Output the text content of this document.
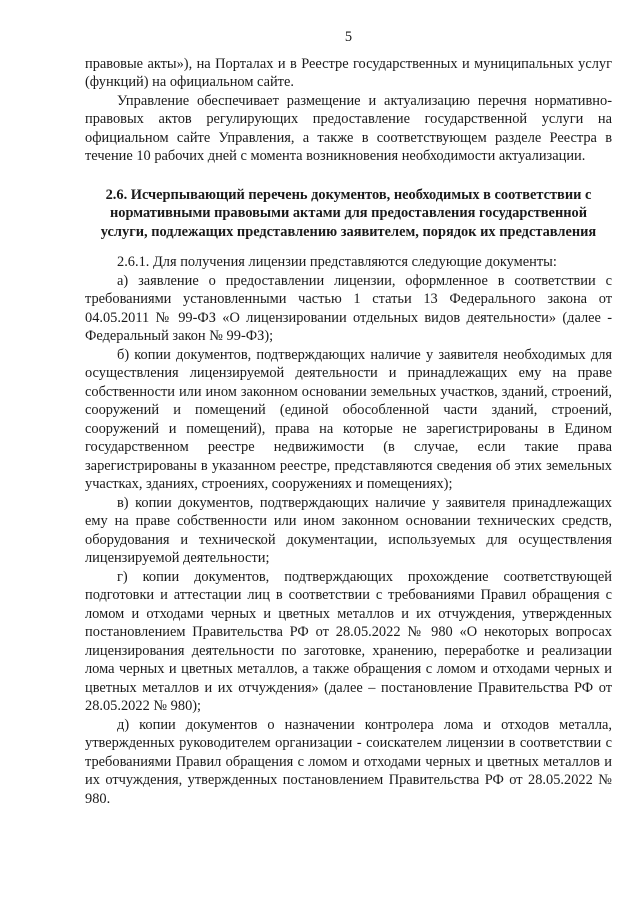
5

правовые акты»), на Порталах и в Реестре государственных и муниципальных услуг (функций) на официальном сайте.

Управление обеспечивает размещение и актуализацию перечня нормативно-правовых актов регулирующих предоставление государственной услуги на официальном сайте Управления, а также в соответствующем разделе Реестра в течение 10 рабочих дней с момента возникновения необходимости актуализации.

2.6. Исчерпывающий перечень документов, необходимых в соответствии с нормативными правовыми актами для предоставления государственной услуги, подлежащих представлению заявителем, порядок их представления

2.6.1. Для получения лицензии представляются следующие документы:

а) заявление о предоставлении лицензии, оформленное в соответствии с требованиями установленными частью 1 статьи 13 Федерального закона от 04.05.2011 № 99-ФЗ «О лицензировании отдельных видов деятельности» (далее - Федеральный закон № 99-ФЗ);

б) копии документов, подтверждающих наличие у заявителя необходимых для осуществления лицензируемой деятельности и принадлежащих ему на праве собственности или ином законном основании земельных участков, зданий, строений, сооружений и помещений (единой обособленной части зданий, строений, сооружений и помещений), права на которые не зарегистрированы в Едином государственном реестре недвижимости (в случае, если такие права зарегистрированы в указанном реестре, представляются сведения об этих земельных участках, зданиях, строениях, сооружениях и помещениях);

в) копии документов, подтверждающих наличие у заявителя принадлежащих ему на праве собственности или ином законном основании технических средств, оборудования и технической документации, используемых для осуществления лицензируемой деятельности;

г) копии документов, подтверждающих прохождение соответствующей подготовки и аттестации лиц в соответствии с требованиями Правил обращения с ломом и отходами черных и цветных металлов и их отчуждения, утвержденных постановлением Правительства РФ от 28.05.2022 № 980 «О некоторых вопросах лицензирования деятельности по заготовке, хранению, переработке и реализации лома черных и цветных металлов, а также обращения с ломом и отходами черных и цветных металлов и их отчуждения» (далее – постановление Правительства РФ от 28.05.2022 № 980);

д) копии документов о назначении контролера лома и отходов металла, утвержденных руководителем организации - соискателем лицензии в соответствии с требованиями Правил обращения с ломом и отходами черных и цветных металлов и их отчуждения, утвержденных постановлением Правительства РФ от 28.05.2022 № 980.
